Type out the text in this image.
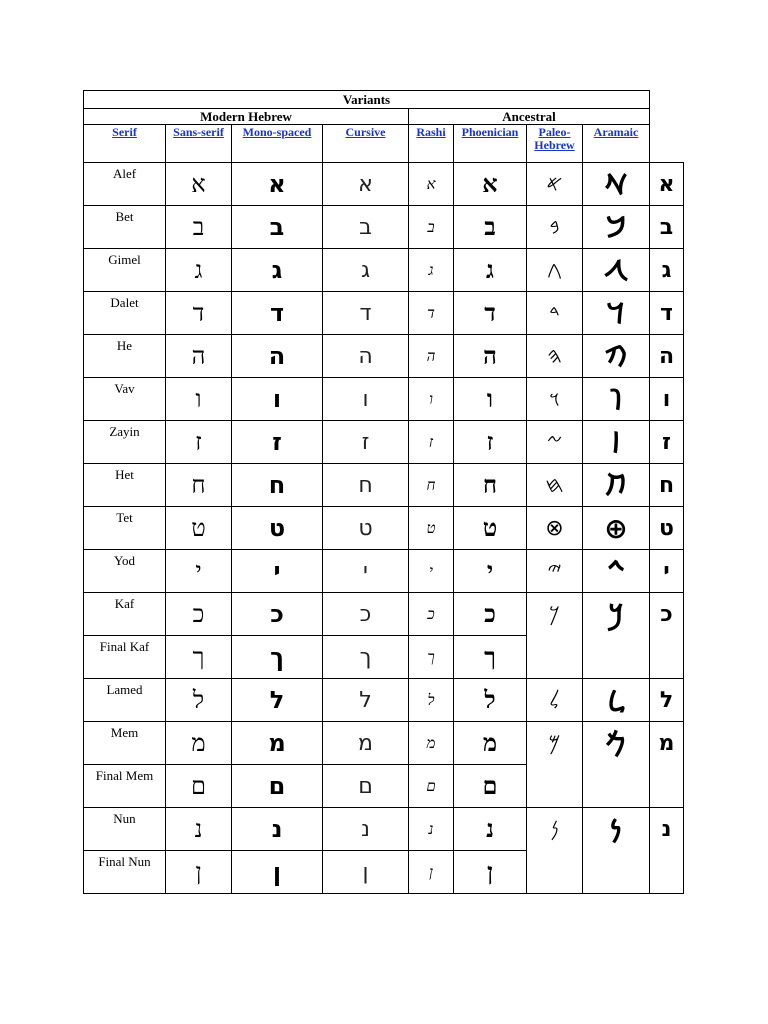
Variants								
Modern Hebrew				Ancestral				
Serif	Sans-serif	Mono-spaced	Cursive	Rashi	Phoenician	Paleo-Hebrew	Aramaic	
Alef	א	א	א	א	א	𐤀	𐡀	א
Bet	ב	ב	ב	ב	ב	𐤁	𐡁	ב
Gimel	ג	ג	ג	ג	ג	𐤂	𐡂	ג
Dalet	ד	ד	ד	ד	ד	𐤃	𐡃	ד
He	ה	ה	ה	ה	ה	𐤄	𐡄	ה
Vav	ו	ו	ו	ו	ו	𐤅	𐡅	ו
Zayin	ז	ז	ז	ז	ז	𐤆	𐡆	ז
Het	ח	ח	ח	ח	ח	𐤇	𐡇	ח
Tet	ט	ט	ט	ט	ט	⊗	⊕	ט
Yod	י	י	י	י	י	𐤉	𐡉	י
Kaf	כ	כ	כ	כ	כ	𐤊	𐡊	כ
Final Kaf	ך	ך	ך	ך	ך			
Lamed	ל	ל	ל	ל	ל	𐤋	𐡋	ל
Mem	מ	מ	מ	מ	מ	𐤌	𐡌	מ
Final Mem	ם	ם	ם	ם	ם			
Nun	נ	נ	נ	נ	נ	𐤍	𐡍	נ
Final Nun	ן	ן	ן	ן	ן			
